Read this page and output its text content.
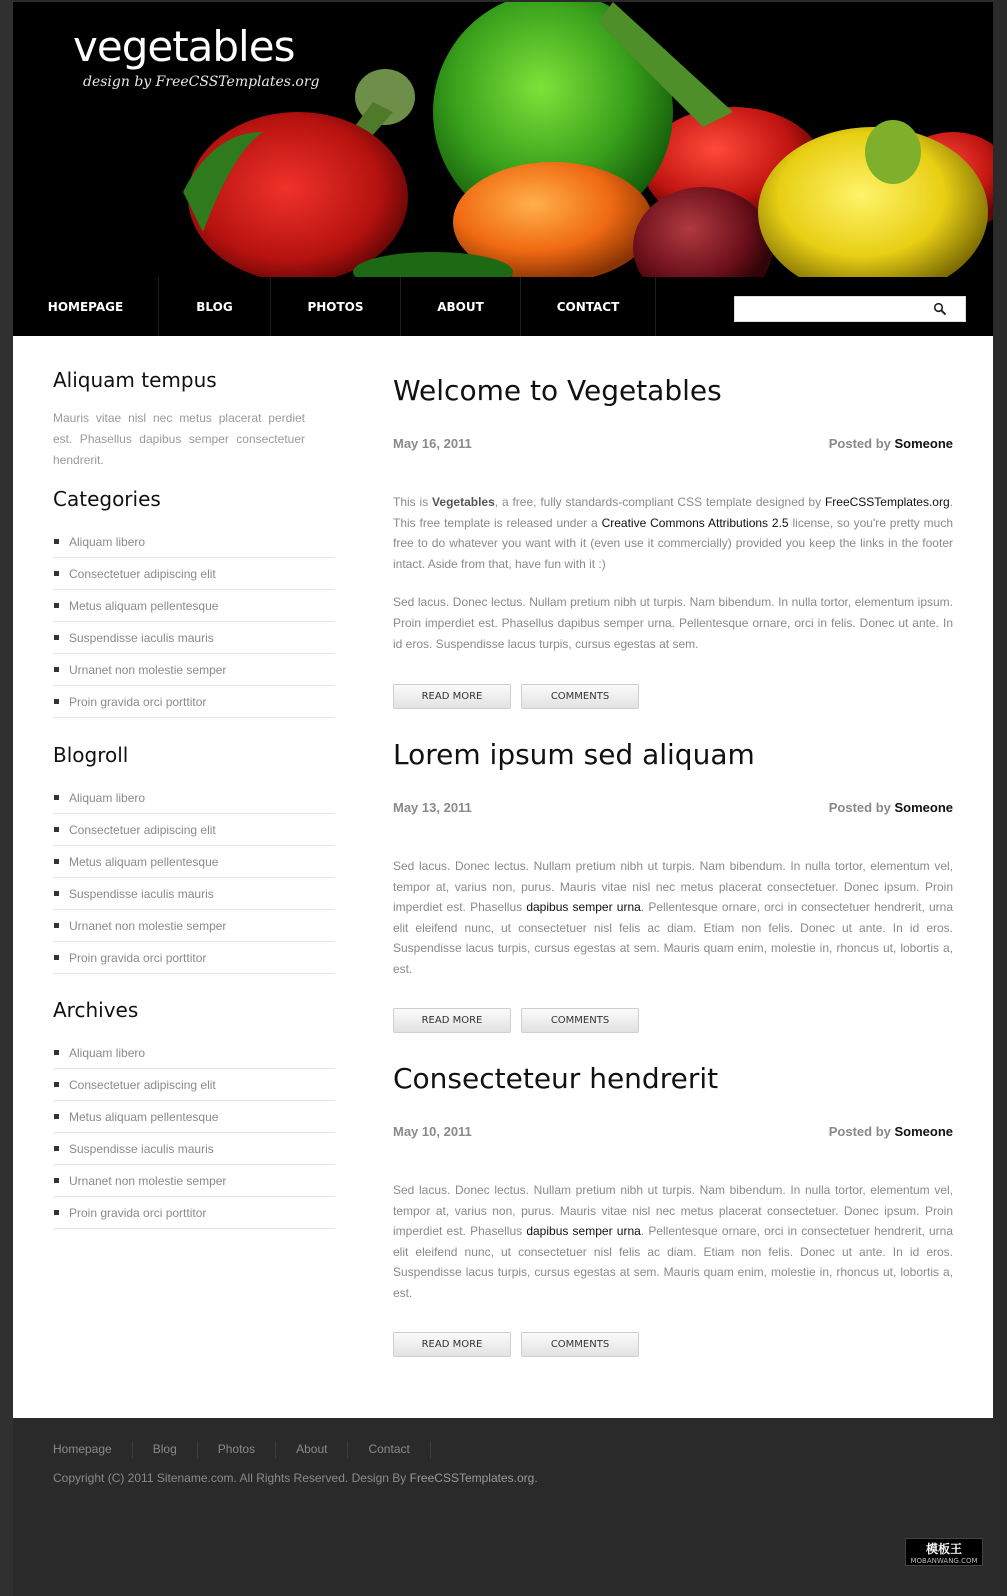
vegetables
design by FreeCSSTemplates.org
HOMEPAGE	BLOG	PHOTOS	ABOUT	CONTACT
Aliquam tempus

Mauris vitae nisl nec metus placerat perdiet est. Phasellus dapibus semper consectetuer hendrerit.

Categories
Aliquam libero
Consectetuer adipiscing elit
Metus aliquam pellentesque
Suspendisse iaculis mauris
Urnanet non molestie semper
Proin gravida orci porttitor
Blogroll
Aliquam libero
Consectetuer adipiscing elit
Metus aliquam pellentesque
Suspendisse iaculis mauris
Urnanet non molestie semper
Proin gravida orci porttitor
Archives
Aliquam libero
Consectetuer adipiscing elit
Metus aliquam pellentesque
Suspendisse iaculis mauris
Urnanet non molestie semper
Proin gravida orci porttitor
Welcome to Vegetables
May 16, 2011	Posted by Someone

This is Vegetables, a free, fully standards-compliant CSS template designed by FreeCSSTemplates.org. This free template is released under a Creative Commons Attributions 2.5 license, so you're pretty much free to do whatever you want with it (even use it commercially) provided you keep the links in the footer intact. Aside from that, have fun with it :)

Sed lacus. Donec lectus. Nullam pretium nibh ut turpis. Nam bibendum. In nulla tortor, elementum ipsum. Proin imperdiet est. Phasellus dapibus semper urna. Pellentesque ornare, orci in felis. Donec ut ante. In id eros. Suspendisse lacus turpis, cursus egestas at sem.

READ MORE	COMMENTS
Lorem ipsum sed aliquam
May 13, 2011	Posted by Someone

Sed lacus. Donec lectus. Nullam pretium nibh ut turpis. Nam bibendum. In nulla tortor, elementum vel, tempor at, varius non, purus. Mauris vitae nisl nec metus placerat consectetuer. Donec ipsum. Proin imperdiet est. Phasellus dapibus semper urna. Pellentesque ornare, orci in consectetuer hendrerit, urna elit eleifend nunc, ut consectetuer nisl felis ac diam. Etiam non felis. Donec ut ante. In id eros. Suspendisse lacus turpis, cursus egestas at sem. Mauris quam enim, molestie in, rhoncus ut, lobortis a, est.

READ MORE	COMMENTS
Consecteteur hendrerit
May 10, 2011	Posted by Someone

Sed lacus. Donec lectus. Nullam pretium nibh ut turpis. Nam bibendum. In nulla tortor, elementum vel, tempor at, varius non, purus. Mauris vitae nisl nec metus placerat consectetuer. Donec ipsum. Proin imperdiet est. Phasellus dapibus semper urna. Pellentesque ornare, orci in consectetuer hendrerit, urna elit eleifend nunc, ut consectetuer nisl felis ac diam. Etiam non felis. Donec ut ante. In id eros. Suspendisse lacus turpis, cursus egestas at sem. Mauris quam enim, molestie in, rhoncus ut, lobortis a, est.

READ MORE	COMMENTS
Homepage	Blog	Photos	About	Contact
Copyright (C) 2011 Sitename.com. All Rights Reserved. Design By FreeCSSTemplates.org.
模板王
MOBANWANG.COM
